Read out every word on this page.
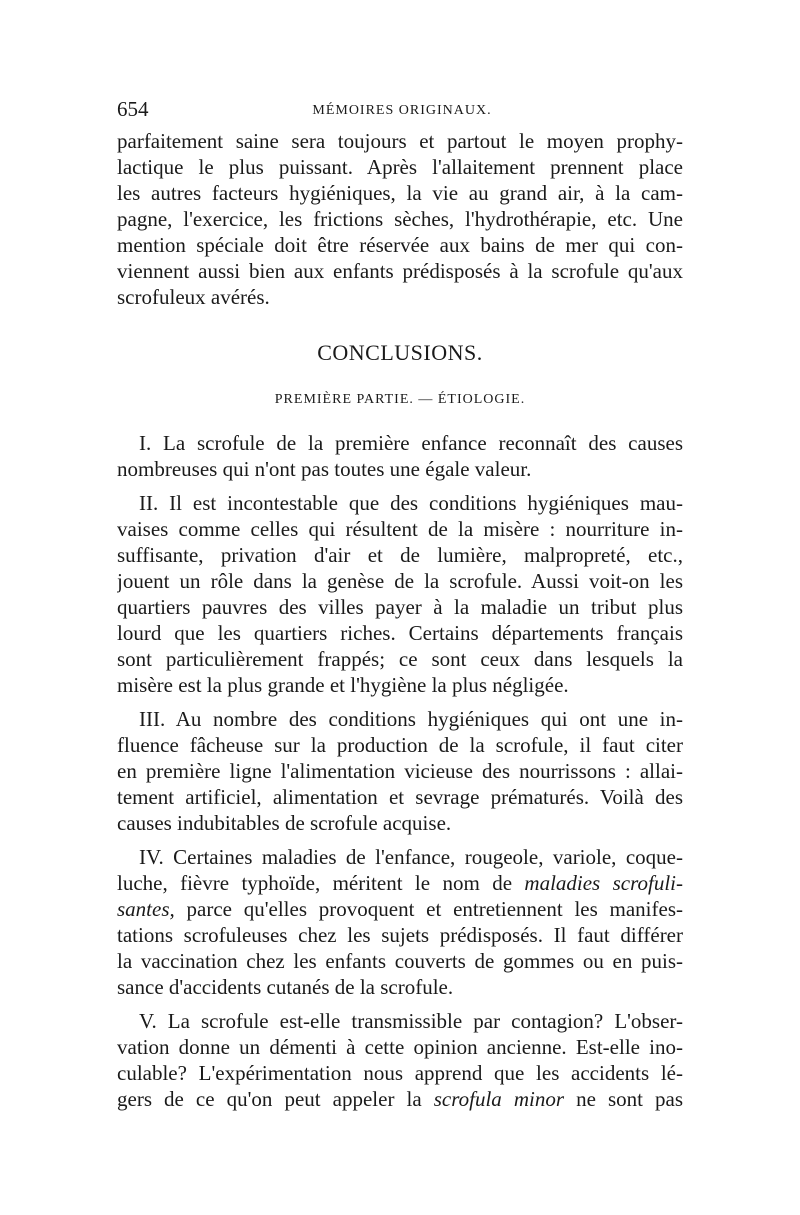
654	MÉMOIRES ORIGINAUX.
parfaitement saine sera toujours et partout le moyen prophy-
lactique le plus puissant. Après l'allaitement prennent place
les autres facteurs hygiéniques, la vie au grand air, à la cam-
pagne, l'exercice, les frictions sèches, l'hydrothérapie, etc. Une
mention spéciale doit être réservée aux bains de mer qui con-
viennent aussi bien aux enfants prédisposés à la scrofule qu'aux
scrofuleux avérés.
CONCLUSIONS.
PREMIÈRE PARTIE. — ÉTIOLOGIE.
I. La scrofule de la première enfance reconnaît des causes
nombreuses qui n'ont pas toutes une égale valeur.
II. Il est incontestable que des conditions hygiéniques mau-
vaises comme celles qui résultent de la misère : nourriture in-
suffisante, privation d'air et de lumière, malpropreté, etc.,
jouent un rôle dans la genèse de la scrofule. Aussi voit-on les
quartiers pauvres des villes payer à la maladie un tribut plus
lourd que les quartiers riches. Certains départements français
sont particulièrement frappés; ce sont ceux dans lesquels la
misère est la plus grande et l'hygiène la plus négligée.
III. Au nombre des conditions hygiéniques qui ont une in-
fluence fâcheuse sur la production de la scrofule, il faut citer
en première ligne l'alimentation vicieuse des nourrissons : allai-
tement artificiel, alimentation et sevrage prématurés. Voilà des
causes indubitables de scrofule acquise.
IV. Certaines maladies de l'enfance, rougeole, variole, coque-
luche, fièvre typhoïde, méritent le nom de maladies scrofuli-
santes, parce qu'elles provoquent et entretiennent les manifes-
tations scrofuleuses chez les sujets prédisposés. Il faut différer
la vaccination chez les enfants couverts de gommes ou en puis-
sance d'accidents cutanés de la scrofule.
V. La scrofule est-elle transmissible par contagion? L'obser-
vation donne un démenti à cette opinion ancienne. Est-elle ino-
culable? L'expérimentation nous apprend que les accidents lé-
gers de ce qu'on peut appeler la scrofula minor ne sont pas
